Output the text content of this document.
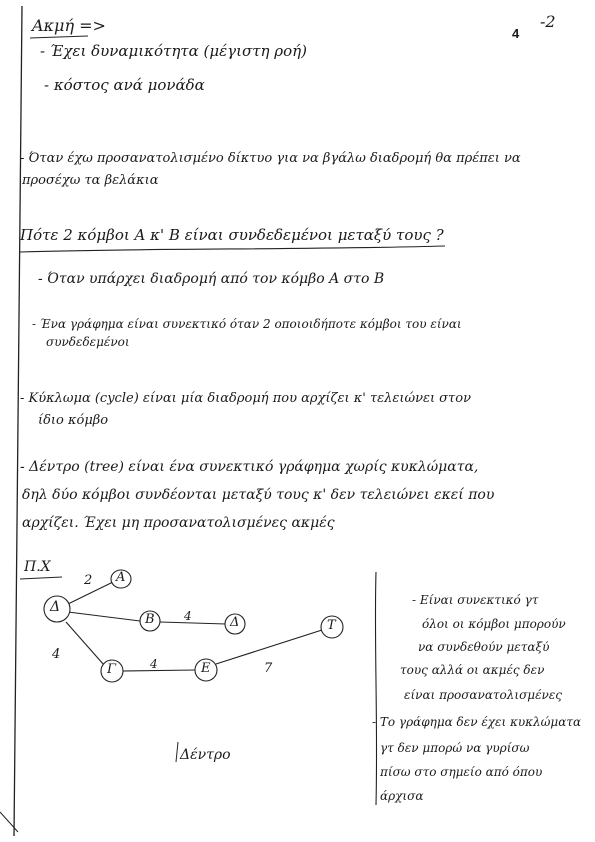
4
-2
Ακμή =>
- Έχει δυναμικότητα (μέγιστη ροή)
- κόστος ανά μονάδα
- Όταν έχω προσανατολισμένο δίκτυο για να βγάλω διαδρομή θα πρέπει να
προσέχω τα βελάκια
Πότε 2 κόμβοι Α κ' Β είναι συνδεδεμένοι μεταξύ τους ?
- Όταν υπάρχει διαδρομή από τον κόμβο Α στο Β
- Ένα γράφημα είναι συνεκτικό όταν 2 οποιοιδήποτε κόμβοι του είναι
συνδεδεμένοι
- Κύκλωμα (cycle) είναι μία διαδρομή που αρχίζει κ' τελειώνει στον
ίδιο κόμβο
- Δέντρο (tree) είναι ένα συνεκτικό γράφημα χωρίς κυκλώματα,
δηλ δύο κόμβοι συνδέονται μεταξύ τους κ' δεν τελειώνει εκεί που
αρχίζει. Έχει μη προσανατολισμένες ακμές
Π.Χ
Α
Δ
Β	Δ
Γ	Ε
Τ
2
4
4
4	7
Δέντρο
- Είναι συνεκτικό γτ
όλοι οι κόμβοι μπορούν
να συνδεθούν μεταξύ
τους αλλά οι ακμές δεν
είναι προσανατολισμένες
- Το γράφημα δεν έχει κυκλώματα
γτ δεν μπορώ να γυρίσω
πίσω στο σημείο από όπου
άρχισα
